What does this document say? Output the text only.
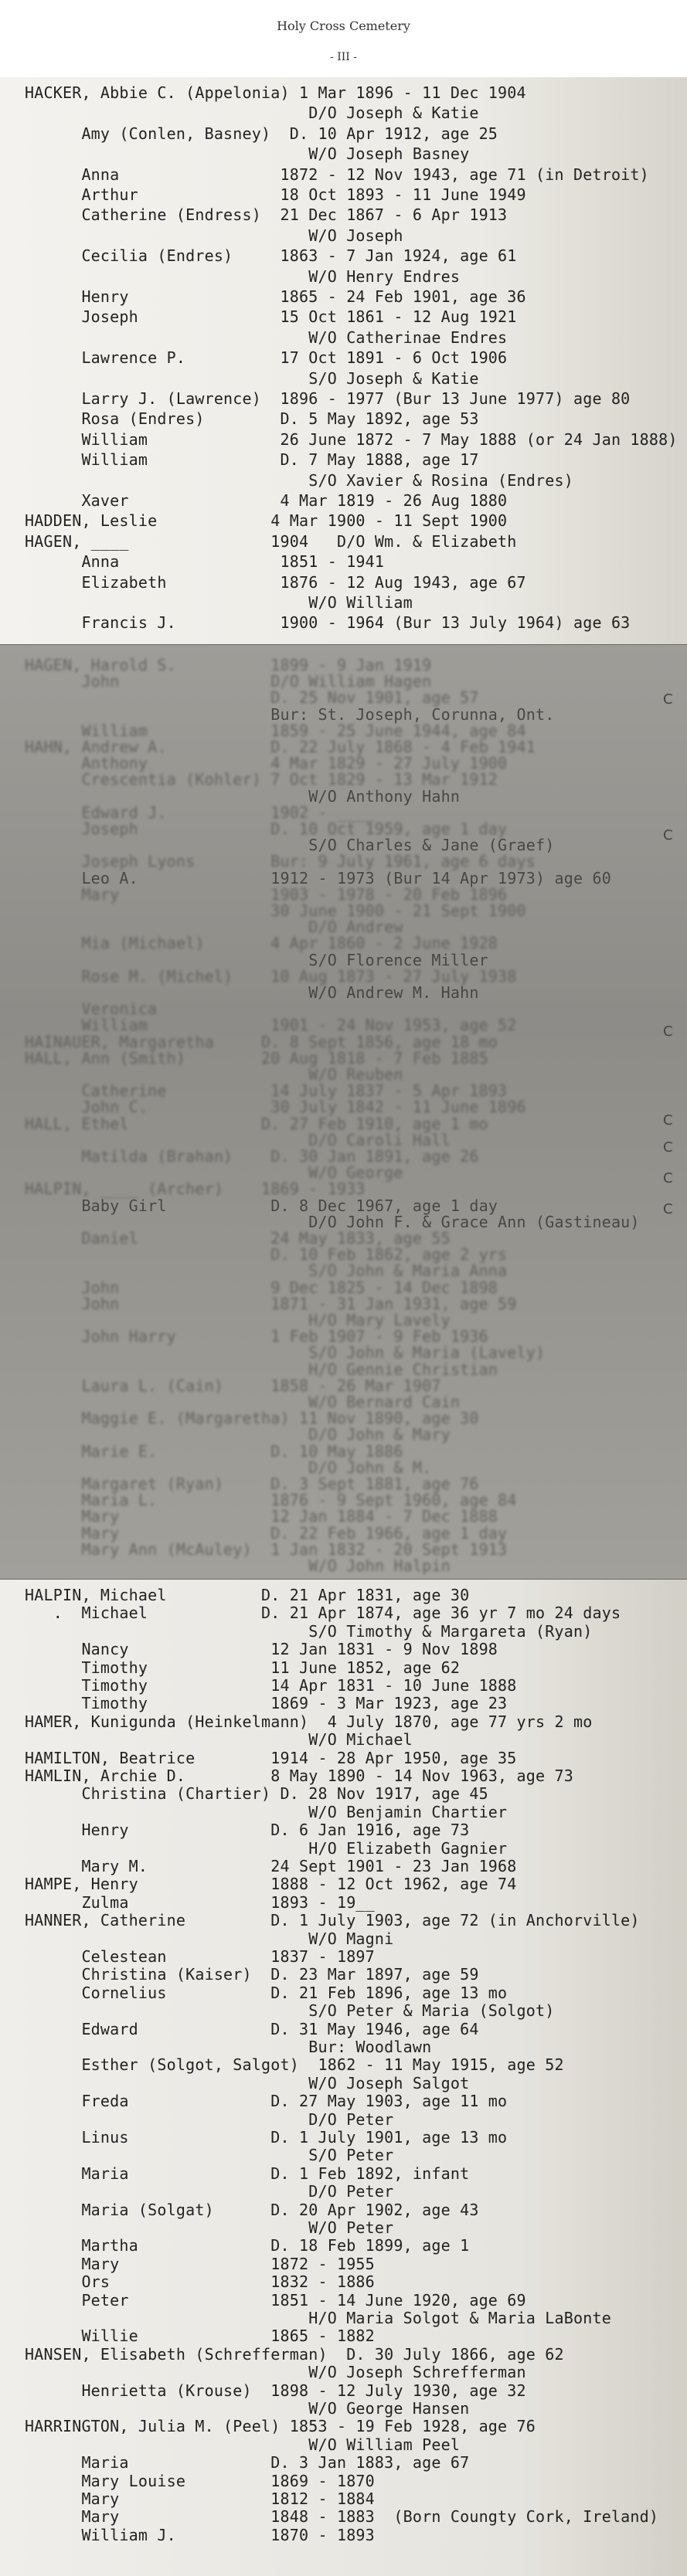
Holy Cross Cemetery
- III -
HACKER, Abbie C. (Appelonia) 1 Mar 1896 - 11 Dec 1904
D/O Joseph & Katie
Amy (Conlen, Basney)  D. 10 Apr 1912, age 25
W/O Joseph Basney
Anna                 1872 - 12 Nov 1943, age 71 (in Detroit)
Arthur               18 Oct 1893 - 11 June 1949
Catherine (Endress)  21 Dec 1867 - 6 Apr 1913
W/O Joseph
Cecilia (Endres)     1863 - 7 Jan 1924, age 61
W/O Henry Endres
Henry                1865 - 24 Feb 1901, age 36
Joseph               15 Oct 1861 - 12 Aug 1921
W/O Catherinae Endres
Lawrence P.          17 Oct 1891 - 6 Oct 1906
S/O Joseph & Katie
Larry J. (Lawrence)  1896 - 1977 (Bur 13 June 1977) age 80
Rosa (Endres)        D. 5 May 1892, age 53
William              26 June 1872 - 7 May 1888 (or 24 Jan 1888)
William              D. 7 May 1888, age 17
S/O Xavier & Rosina (Endres)
Xaver                4 Mar 1819 - 26 Aug 1880
HADDEN, Leslie            4 Mar 1900 - 11 Sept 1900
HAGEN, ____               1904   D/O Wm. & Elizabeth
Anna                 1851 - 1941
Elizabeth            1876 - 12 Aug 1943, age 67
W/O William
Francis J.           1900 - 1964 (Bur 13 July 1964) age 63
HAGEN, Harold S.          1899 - 9 Jan 1919
John                D/O William Hagen
D. 25 Nov 1901, age 57
Bur: St. Joseph, Corunna, Ont.
William             1859 - 25 June 1944, age 84
HAHN, Andrew A.           D. 22 July 1868 - 4 Feb 1941
Anthony             4 Mar 1829 - 27 July 1900
Crescentia (Kohler) 7 Oct 1829 - 13 Mar 1912
W/O Anthony Hahn
Edward J.           1902 - ____
Joseph              D. 10 Oct 1959, age 1 day
S/O Charles & Jane (Graef)
Joseph Lyons        Bur: 9 July 1961, age 6 days
Leo A.              1912 - 1973 (Bur 14 Apr 1973) age 60
Mary                1903 - 1978 - 20 Feb 1896
30 June 1900 - 21 Sept 1900
D/O Andrew
Mia (Michael)       4 Apr 1860 - 2 June 1928
S/O Florence Miller
Rose M. (Michel)    10 Aug 1873 - 27 July 1938
W/O Andrew M. Hahn
Veronica
William             1901 - 24 Nov 1953, age 52
HAINAUER, Margaretha     D. 8 Sept 1856, age 18 mo
HALL, Ann (Smith)        20 Aug 1818 - 7 Feb 1885
W/O Reuben
Catherine           14 July 1837 - 5 Apr 1893
John C.             30 July 1842 - 11 June 1896
HALL, Ethel              D. 27 Feb 1910, age 1 mo
D/O Caroli Hall
Matilda (Brahan)    D. 30 Jan 1891, age 26
W/O George
HALPIN, ____ (Archer)    1869 - 1933
Baby Girl           D. 8 Dec 1967, age 1 day
D/O John F. & Grace Ann (Gastineau)
Daniel              24 May 1833, age 55
D. 10 Feb 1862, age 2 yrs
S/O John & Maria Anna
John                9 Dec 1825 - 14 Dec 1898
John                1871 - 31 Jan 1931, age 59
H/O Mary Lavely
John Harry          1 Feb 1907 - 9 Feb 1936
S/O John & Maria (Lavely)
H/O Gennie Christian
Laura L. (Cain)     1858 - 26 Mar 1907
W/O Bernard Cain
Maggie E. (Margaretha) 11 Nov 1890, age 30
D/O John & Mary
Marie E.            D. 10 May 1886
D/O John & M.
Margaret (Ryan)     D. 3 Sept 1881, age 76
Maria L.            1876 - 9 Sept 1960, age 84
Mary                12 Jan 1884 - 7 Dec 1888
Mary                D. 22 Feb 1966, age 1 day
Mary Ann (McAuley)  1 Jan 1832 - 20 Sept 1913
W/O John Halpin
C
C
C
C
C
C
C
HALPIN, Michael          D. 21 Apr 1831, age 30
.  Michael            D. 21 Apr 1874, age 36 yr 7 mo 24 days
S/O Timothy & Margareta (Ryan)
Nancy               12 Jan 1831 - 9 Nov 1898
Timothy             11 June 1852, age 62
Timothy             14 Apr 1831 - 10 June 1888
Timothy             1869 - 3 Mar 1923, age 23
HAMER, Kunigunda (Heinkelmann)  4 July 1870, age 77 yrs 2 mo
W/O Michael
HAMILTON, Beatrice        1914 - 28 Apr 1950, age 35
HAMLIN, Archie D.         8 May 1890 - 14 Nov 1963, age 73
Christina (Chartier) D. 28 Nov 1917, age 45
W/O Benjamin Chartier
Henry               D. 6 Jan 1916, age 73
H/O Elizabeth Gagnier
Mary M.             24 Sept 1901 - 23 Jan 1968
HAMPE, Henry              1888 - 12 Oct 1962, age 74
Zulma               1893 - 19__
HANNER, Catherine         D. 1 July 1903, age 72 (in Anchorville)
W/O Magni
Celestean           1837 - 1897
Christina (Kaiser)  D. 23 Mar 1897, age 59
Cornelius           D. 21 Feb 1896, age 13 mo
S/O Peter & Maria (Solgot)
Edward              D. 31 May 1946, age 64
Bur: Woodlawn
Esther (Solgot, Salgot)  1862 - 11 May 1915, age 52
W/O Joseph Salgot
Freda               D. 27 May 1903, age 11 mo
D/O Peter
Linus               D. 1 July 1901, age 13 mo
S/O Peter
Maria               D. 1 Feb 1892, infant
D/O Peter
Maria (Solgat)      D. 20 Apr 1902, age 43
W/O Peter
Martha              D. 18 Feb 1899, age 1
Mary                1872 - 1955
Ors                 1832 - 1886
Peter               1851 - 14 June 1920, age 69
H/O Maria Solgot & Maria LaBonte
Willie              1865 - 1882
HANSEN, Elisabeth (Schrefferman)  D. 30 July 1866, age 62
W/O Joseph Schrefferman
Henrietta (Krouse)  1898 - 12 July 1930, age 32
W/O George Hansen
HARRINGTON, Julia M. (Peel) 1853 - 19 Feb 1928, age 76
W/O William Peel
Maria               D. 3 Jan 1883, age 67
Mary Louise         1869 - 1870
Mary                1812 - 1884
Mary                1848 - 1883  (Born Coungty Cork, Ireland)
William J.          1870 - 1893
